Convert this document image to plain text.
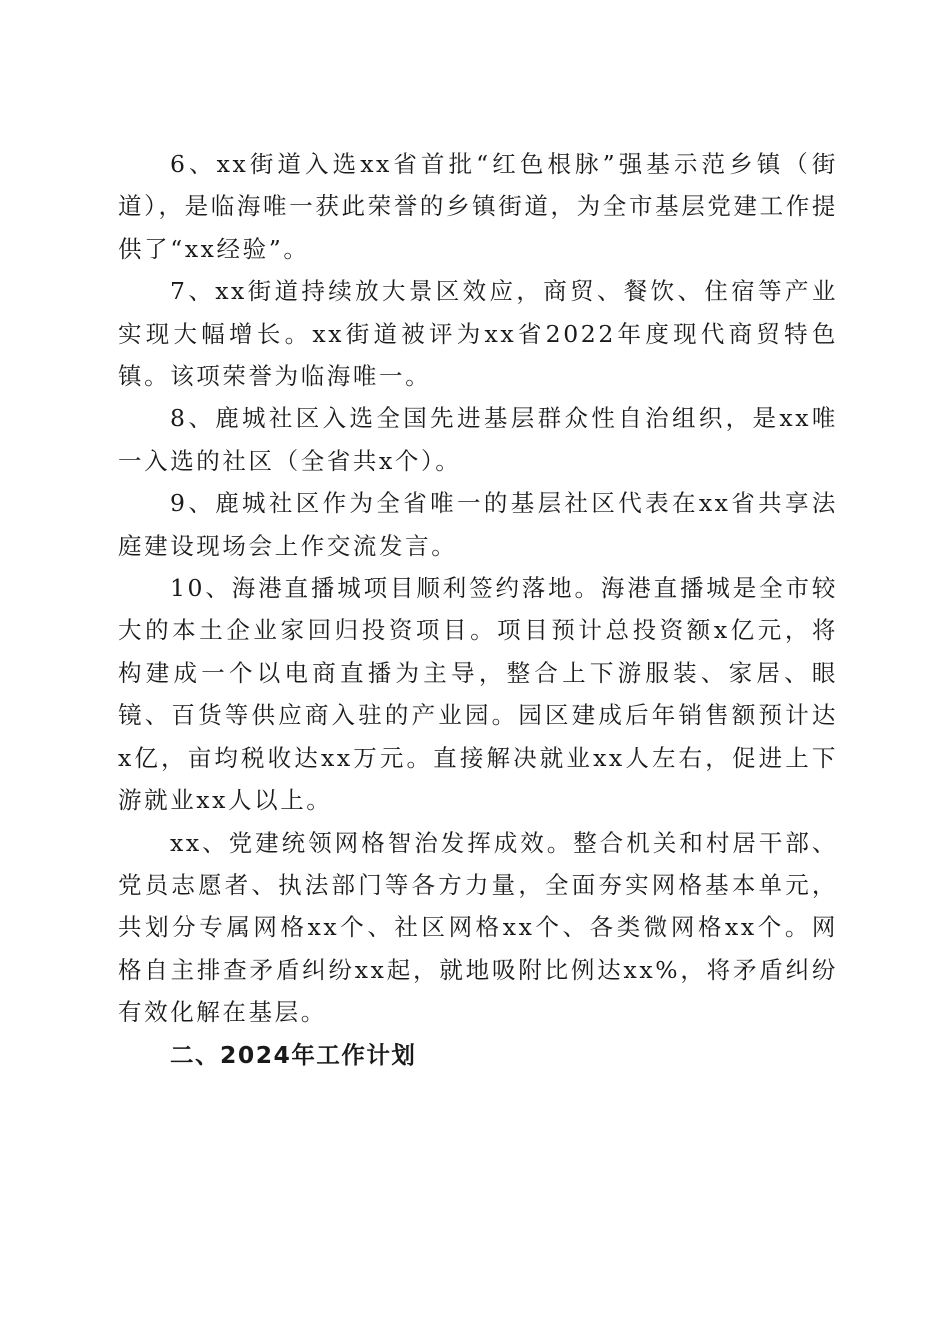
6、xx街道入选xx省首批“红色根脉”强基示范乡镇（街道），是临海唯一获此荣誉的乡镇街道，为全市基层党建工作提供了“xx经验”。

7、xx街道持续放大景区效应，商贸、餐饮、住宿等产业实现大幅增长。xx街道被评为xx省2022年度现代商贸特色镇。该项荣誉为临海唯一。

8、鹿城社区入选全国先进基层群众性自治组织，是xx唯一入选的社区（全省共x个）。

9、鹿城社区作为全省唯一的基层社区代表在xx省共享法庭建设现场会上作交流发言。

10、海港直播城项目顺利签约落地。海港直播城是全市较大的本土企业家回归投资项目。项目预计总投资额x亿元，将构建成一个以电商直播为主导，整合上下游服装、家居、眼镜、百货等供应商入驻的产业园。园区建成后年销售额预计达x亿，亩均税收达xx万元。直接解决就业xx人左右，促进上下游就业xx人以上。

xx、党建统领网格智治发挥成效。整合机关和村居干部、党员志愿者、执法部门等各方力量，全面夯实网格基本单元，共划分专属网格xx个、社区网格xx个、各类微网格xx个。网格自主排查矛盾纠纷xx起，就地吸附比例达xx%，将矛盾纠纷有效化解在基层。

二、2024年工作计划
